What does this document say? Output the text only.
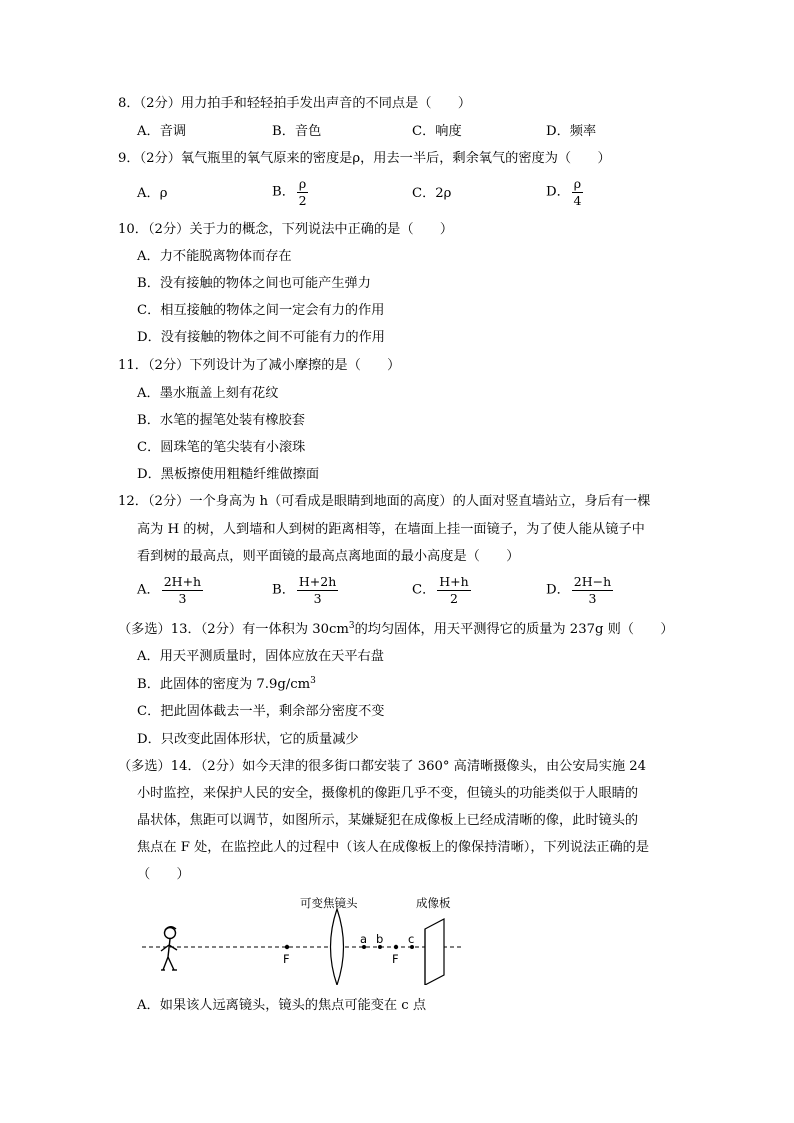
8．（2分）用力拍手和轻轻拍手发出声音的不同点是（　　）
A．音调	B．音色	C．响度	D．频率
9．（2分）氧气瓶里的氧气原来的密度是ρ，用去一半后，剩余氧气的密度为（　　）
A．ρ	B． $\frac{\rho}{2}$	C．2ρ	D． $\frac{\rho}{4}$
10．（2分）关于力的概念，下列说法中正确的是（　　）
A．力不能脱离物体而存在
B．没有接触的物体之间也可能产生弹力
C．相互接触的物体之间一定会有力的作用
D．没有接触的物体之间不可能有力的作用
11．（2分）下列设计为了减小摩擦的是（　　）
A．墨水瓶盖上刻有花纹
B．水笔的握笔处装有橡胶套
C．圆珠笔的笔尖装有小滚珠
D．黑板擦使用粗糙纤维做擦面
12．（2分）一个身高为 h（可看成是眼睛到地面的高度）的人面对竖直墙站立，身后有一棵
高为 H 的树，人到墙和人到树的距离相等，在墙面上挂一面镜子，为了使人能从镜子中
看到树的最高点，则平面镜的最高点离地面的最小高度是（　　）
A． $\frac{2H+h}{3}$	B． $\frac{H+2h}{3}$	C． $\frac{H+h}{2}$	D． $\frac{2H-h}{3}$
（多选）13．（2分）有一体积为 $30cm^3$的均匀固体，用天平测得它的质量为 237g 则（　　）
A．用天平测质量时，固体应放在天平右盘
B．此固体的密度为 $7.9g/cm^3$
C．把此固体截去一半，剩余部分密度不变
D．只改变此固体形状，它的质量减少
（多选）14．（2分）如今天津的很多街口都安装了 360° 高清晰摄像头，由公安局实施 24
小时监控，来保护人民的安全，摄像机的像距几乎不变，但镜头的功能类似于人眼睛的
晶状体，焦距可以调节，如图所示，某嫌疑犯在成像板上已经成清晰的像，此时镜头的
焦点在 F 处，在监控此人的过程中（该人在成像板上的像保持清晰），下列说法正确的是
（　　）
F
可变焦镜头
a b
F
c
成像板
A．如果该人远离镜头，镜头的焦点可能变在 c 点
